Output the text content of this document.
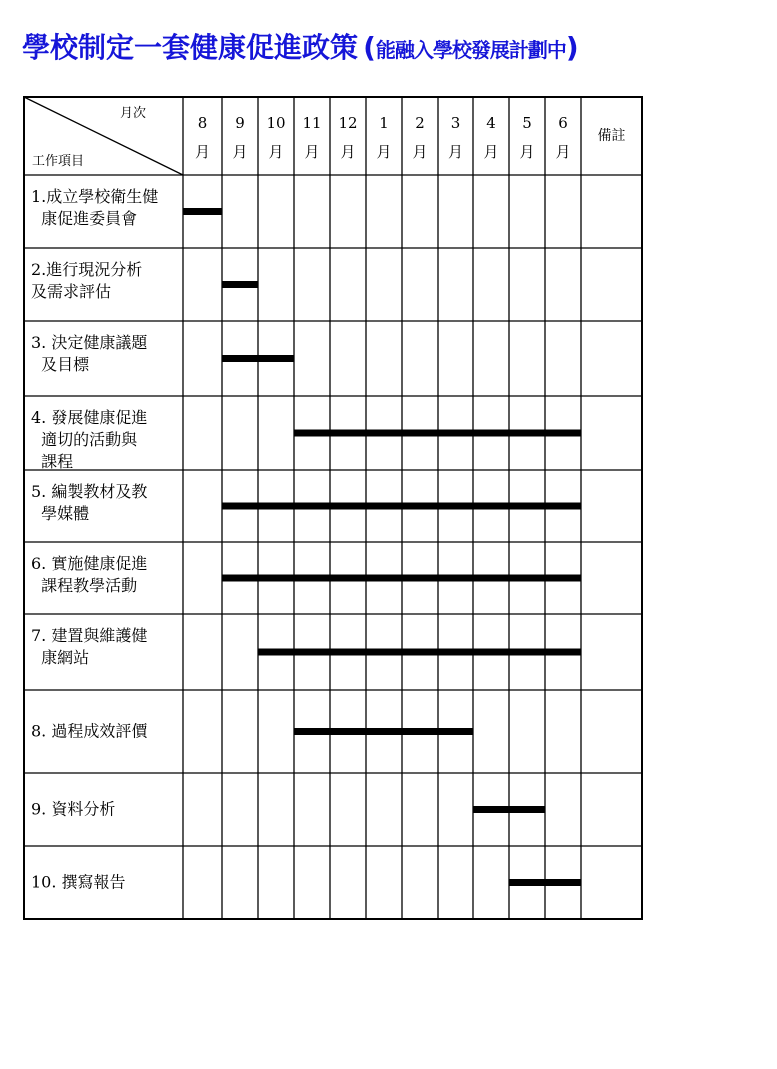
學校制定一套健康促進政策 (能融入學校發展計劃中)
月次
工作項目
8
月
9
月
10
月
11
月
12
月
1
月
2
月
3
月
4
月
5
月
6
月
備註
1.成立學校衛生健
康促進委員會
2.進行現況分析
及需求評估
3. 決定健康議題
及目標
4. 發展健康促進
適切的活動與
課程
5. 編製教材及教
學媒體
6. 實施健康促進
課程教學活動
7. 建置與維護健
康網站
8. 過程成效評價
9. 資料分析
10. 撰寫報告
